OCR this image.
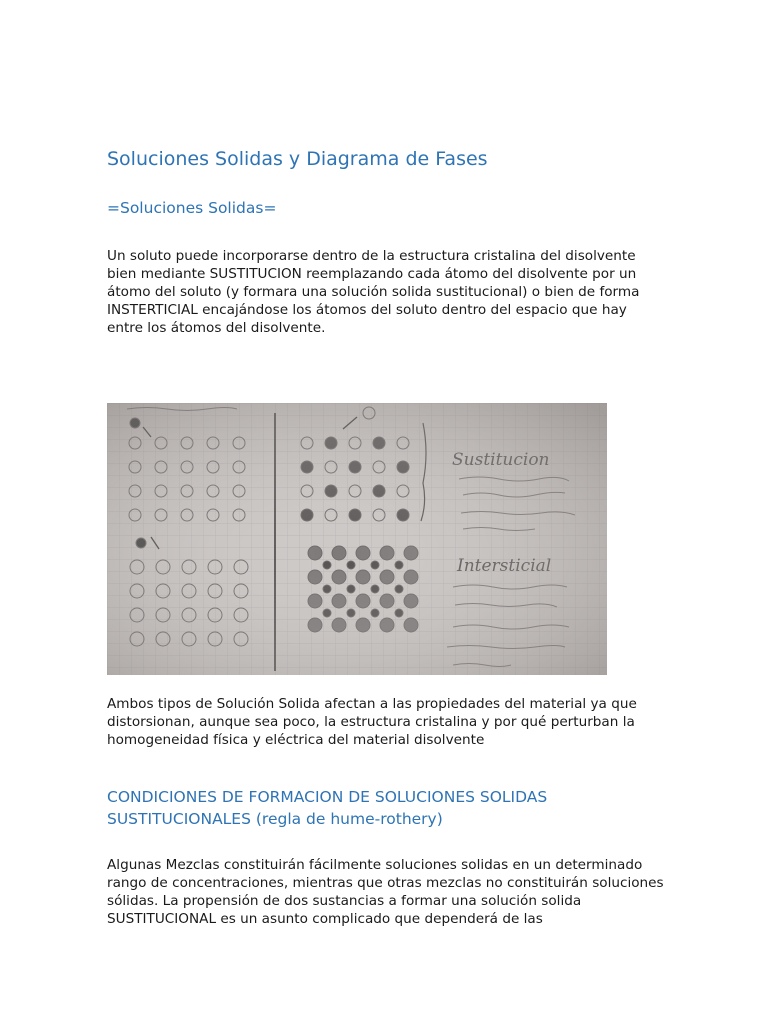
Soluciones Solidas y Diagrama de Fases
=Soluciones Solidas=

Un soluto puede incorporarse dentro de la estructura cristalina del disolvente bien mediante SUSTITUCION reemplazando cada átomo del disolvente por un átomo del soluto (y formara una solución solida sustitucional) o bien de forma INSTERTICIAL encajándose los átomos del soluto dentro del espacio que hay entre los átomos del disolvente.

Ambos tipos de Solución Solida afectan a las propiedades del material ya que distorsionan, aunque sea poco, la estructura cristalina y por qué perturban la homogeneidad física y eléctrica del material disolvente

CONDICIONES DE FORMACION DE SOLUCIONES SOLIDAS SUSTITUCIONALES (regla de hume-rothery)

Algunas Mezclas constituirán fácilmente soluciones solidas en un determinado rango de concentraciones, mientras que otras mezclas no constituirán soluciones sólidas. La propensión de dos sustancias a formar una solución solida SUSTITUCIONAL es un asunto complicado que dependerá de las
